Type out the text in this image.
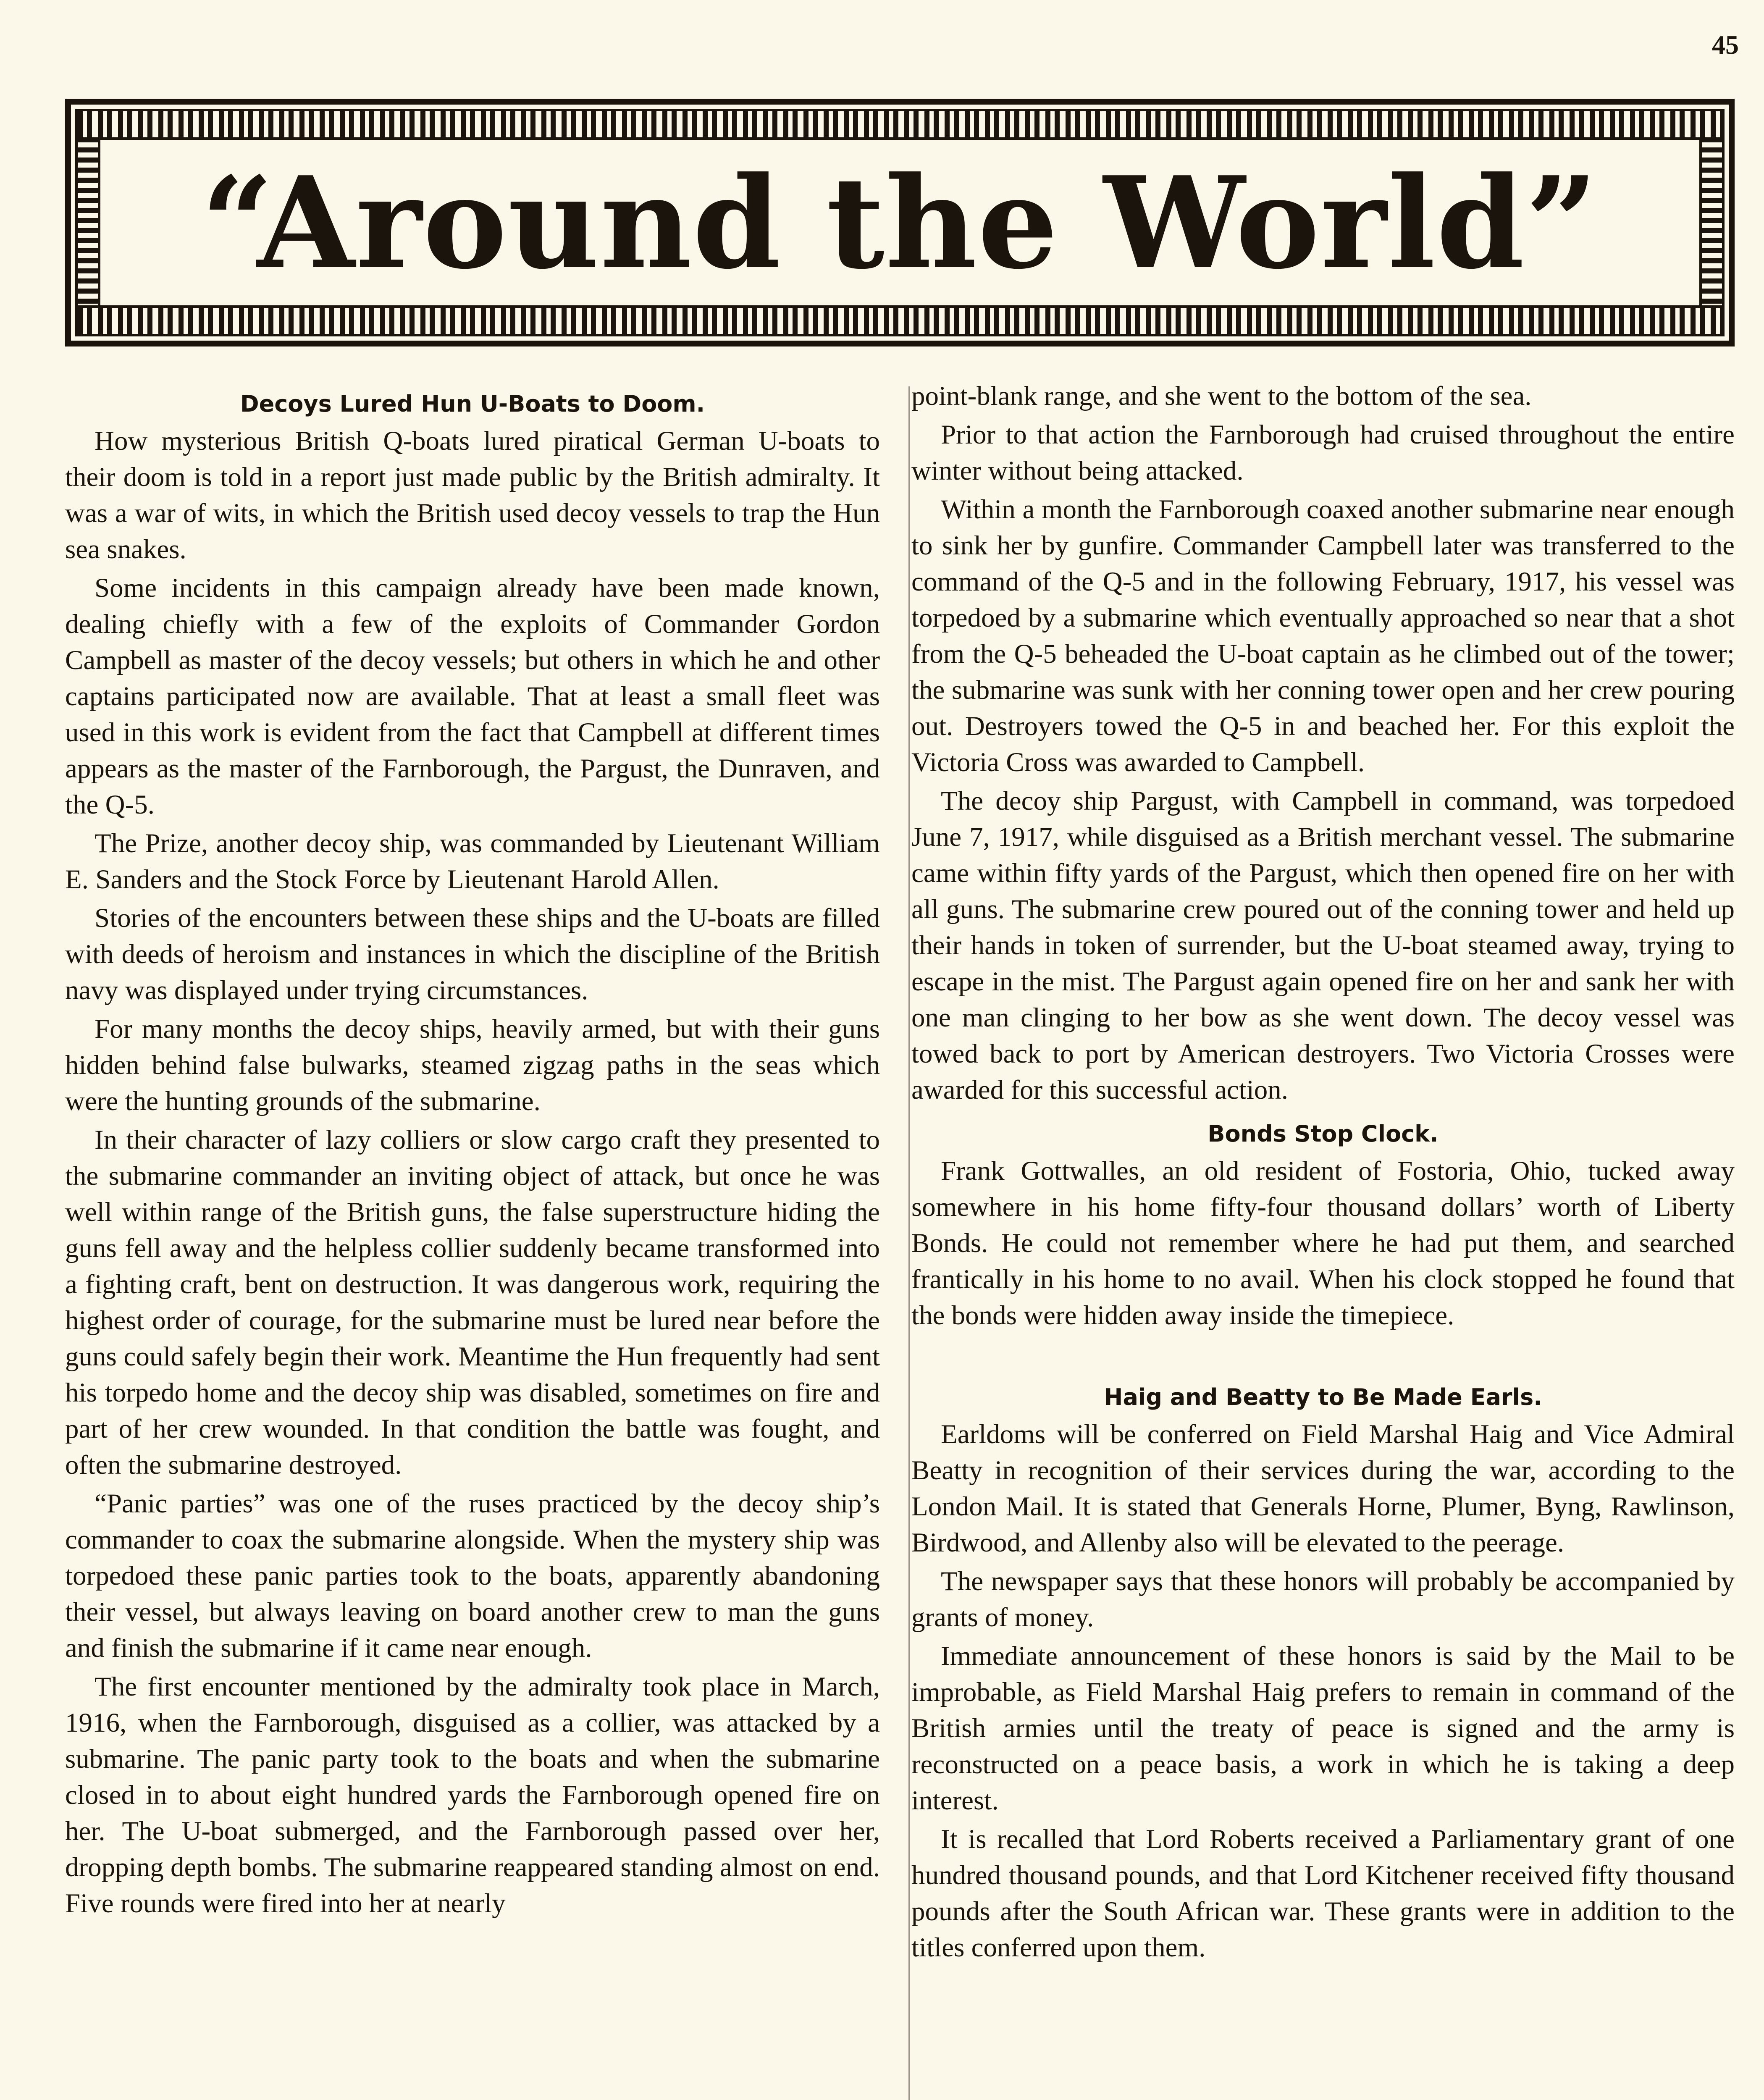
45
“Around the World”
Decoys Lured Hun U-Boats to Doom.

How mysterious British Q-boats lured piratical German U-boats to their doom is told in a report just made public by the British admiralty. It was a war of wits, in which the British used decoy vessels to trap the Hun sea snakes.

Some incidents in this campaign already have been made known, dealing chiefly with a few of the exploits of Commander Gordon Campbell as master of the decoy vessels; but others in which he and other captains participated now are available. That at least a small fleet was used in this work is evident from the fact that Campbell at different times appears as the master of the Farnborough, the Pargust, the Dunraven, and the Q-5.

The Prize, another decoy ship, was commanded by Lieutenant William E. Sanders and the Stock Force by Lieutenant Harold Allen.

Stories of the encounters between these ships and the U-boats are filled with deeds of heroism and instances in which the discipline of the British navy was displayed under trying circumstances.

For many months the decoy ships, heavily armed, but with their guns hidden behind false bulwarks, steamed zigzag paths in the seas which were the hunting grounds of the submarine.

In their character of lazy colliers or slow cargo craft they presented to the submarine commander an inviting object of attack, but once he was well within range of the British guns, the false superstructure hiding the guns fell away and the helpless collier suddenly became transformed into a fighting craft, bent on destruction. It was dangerous work, requiring the highest order of courage, for the submarine must be lured near before the guns could safely begin their work. Meantime the Hun frequently had sent his torpedo home and the decoy ship was disabled, sometimes on fire and part of her crew wounded. In that condition the battle was fought, and often the submarine destroyed.

“Panic parties” was one of the ruses practiced by the decoy ship’s commander to coax the submarine alongside. When the mystery ship was torpedoed these panic parties took to the boats, apparently abandoning their vessel, but always leaving on board another crew to man the guns and finish the submarine if it came near enough.

The first encounter mentioned by the admiralty took place in March, 1916, when the Farnborough, disguised as a collier, was attacked by a submarine. The panic party took to the boats and when the submarine closed in to about eight hundred yards the Farnborough opened fire on her. The U-boat submerged, and the Farnborough passed over her, dropping depth bombs. The submarine reappeared standing almost on end. Five rounds were fired into her at nearly

point-blank range, and she went to the bottom of the sea.

Prior to that action the Farnborough had cruised throughout the entire winter without being attacked.

Within a month the Farnborough coaxed another submarine near enough to sink her by gunfire. Commander Campbell later was transferred to the command of the Q-5 and in the following February, 1917, his vessel was torpedoed by a submarine which eventually approached so near that a shot from the Q-5 beheaded the U-boat captain as he climbed out of the tower; the submarine was sunk with her conning tower open and her crew pouring out. Destroyers towed the Q-5 in and beached her. For this exploit the Victoria Cross was awarded to Campbell.

The decoy ship Pargust, with Campbell in command, was torpedoed June 7, 1917, while disguised as a British merchant vessel. The submarine came within fifty yards of the Pargust, which then opened fire on her with all guns. The submarine crew poured out of the conning tower and held up their hands in token of surrender, but the U-boat steamed away, trying to escape in the mist. The Pargust again opened fire on her and sank her with one man clinging to her bow as she went down. The decoy vessel was towed back to port by American destroyers. Two Victoria Crosses were awarded for this successful action.

Bonds Stop Clock.

Frank Gottwalles, an old resident of Fostoria, Ohio, tucked away somewhere in his home fifty-four thousand dollars’ worth of Liberty Bonds. He could not remember where he had put them, and searched frantically in his home to no avail. When his clock stopped he found that the bonds were hidden away inside the timepiece.

Haig and Beatty to Be Made Earls.

Earldoms will be conferred on Field Marshal Haig and Vice Admiral Beatty in recognition of their services during the war, according to the London Mail. It is stated that Generals Horne, Plumer, Byng, Rawlinson, Birdwood, and Allenby also will be elevated to the peerage.

The newspaper says that these honors will probably be accompanied by grants of money.

Immediate announcement of these honors is said by the Mail to be improbable, as Field Marshal Haig prefers to remain in command of the British armies until the treaty of peace is signed and the army is reconstructed on a peace basis, a work in which he is taking a deep interest.

It is recalled that Lord Roberts received a Parliamentary grant of one hundred thousand pounds, and that Lord Kitchener received fifty thousand pounds after the South African war. These grants were in addition to the titles conferred upon them.
